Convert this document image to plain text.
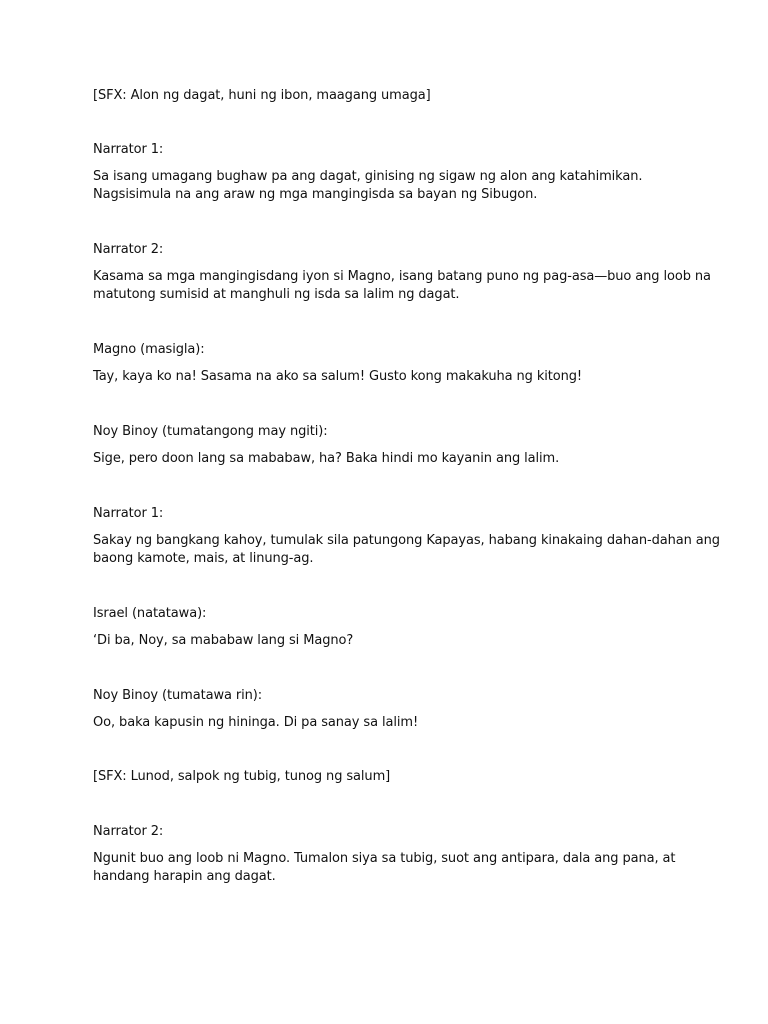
[SFX: Alon ng dagat, huni ng ibon, maagang umaga]
Narrator 1:
Sa isang umagang bughaw pa ang dagat, ginising ng sigaw ng alon ang katahimikan.
Nagsisimula na ang araw ng mga mangingisda sa bayan ng Sibugon.
Narrator 2:
Kasama sa mga mangingisdang iyon si Magno, isang batang puno ng pag-asa—buo ang loob na
matutong sumisid at manghuli ng isda sa lalim ng dagat.
Magno (masigla):
Tay, kaya ko na! Sasama na ako sa salum! Gusto kong makakuha ng kitong!
Noy Binoy (tumatangong may ngiti):
Sige, pero doon lang sa mababaw, ha? Baka hindi mo kayanin ang lalim.
Narrator 1:
Sakay ng bangkang kahoy, tumulak sila patungong Kapayas, habang kinakaing dahan-dahan ang
baong kamote, mais, at linung-ag.
Israel (natatawa):
‘Di ba, Noy, sa mababaw lang si Magno?
Noy Binoy (tumatawa rin):
Oo, baka kapusin ng hininga. Di pa sanay sa lalim!
[SFX: Lunod, salpok ng tubig, tunog ng salum]
Narrator 2:
Ngunit buo ang loob ni Magno. Tumalon siya sa tubig, suot ang antipara, dala ang pana, at
handang harapin ang dagat.
